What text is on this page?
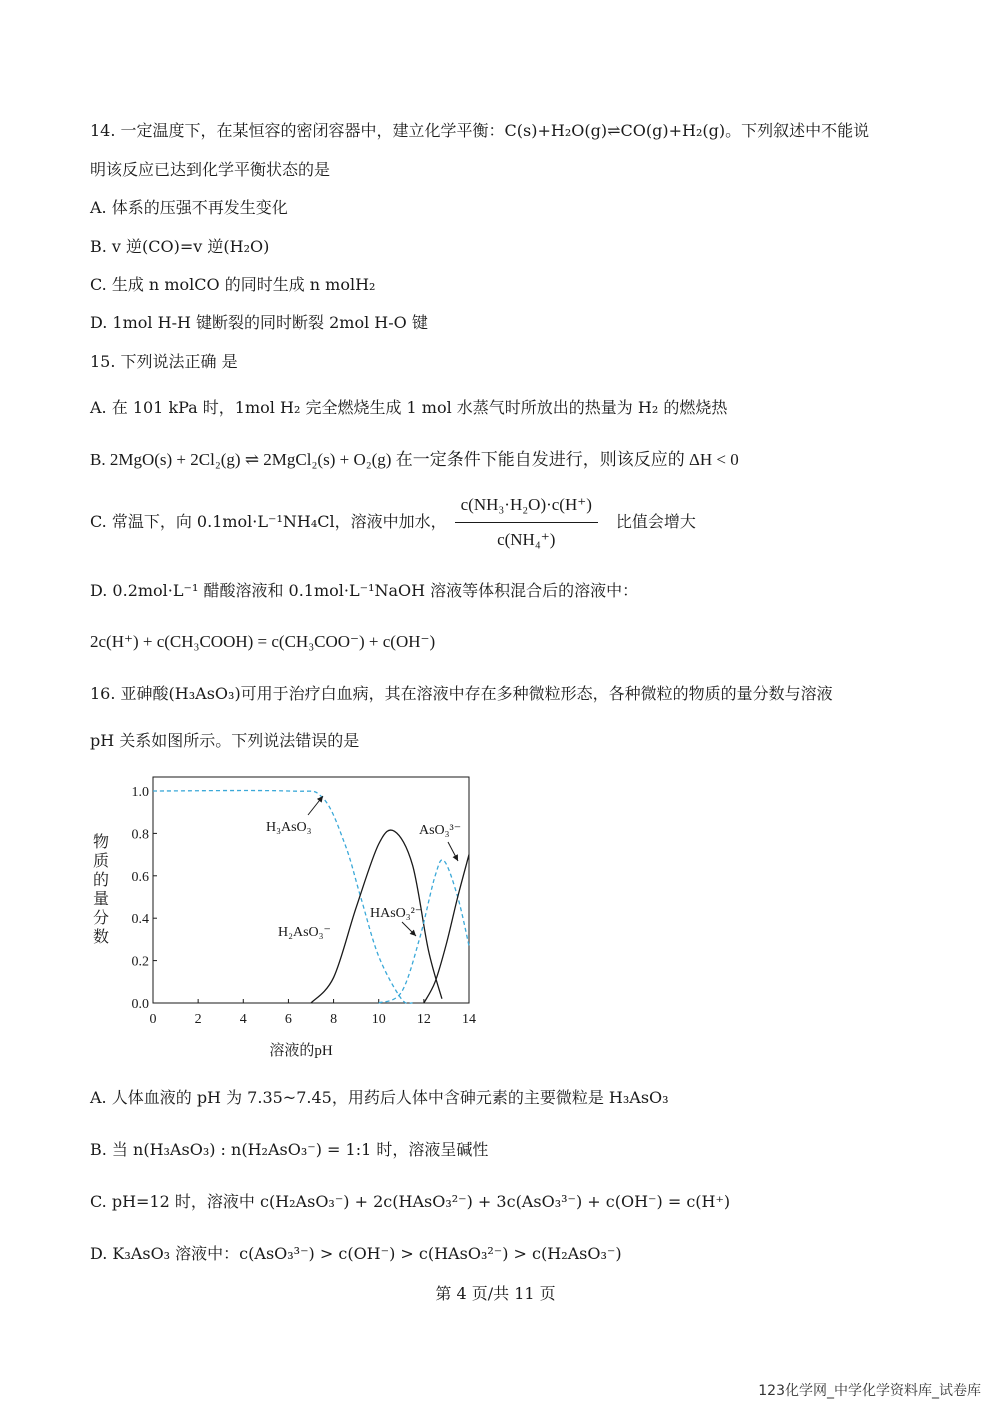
14. 一定温度下，在某恒容的密闭容器中，建立化学平衡：C(s)+H₂O(g)⇌CO(g)+H₂(g)。下列叙述中不能说
明该反应已达到化学平衡状态的是
A. 体系的压强不再发生变化
B. v 逆(CO)=v 逆(H₂O)
C. 生成 n molCO 的同时生成 n molH₂
D. 1mol H-H 键断裂的同时断裂 2mol H-O 键
15. 下列说法正确 是
A. 在 101 kPa 时，1mol H₂ 完全燃烧生成 1 mol 水蒸气时所放出的热量为 H₂ 的燃烧热
B. 2MgO(s) + 2Cl₂(g) ⇌ 2MgCl₂(s) + O₂(g) 在一定条件下能自发进行，则该反应的 ΔH < 0
C. 常温下，向 0.1mol·L⁻¹NH₄Cl，溶液中加水， $\frac{\text{c(NH₃·H₂O)·c(H⁺)}}{\text{c(NH₄⁺)}}$ 比值会增大
D. 0.2mol·L⁻¹ 醋酸溶液和 0.1mol·L⁻¹NaOH 溶液等体积混合后的溶液中：
2c(H⁺) + c(CH₃COOH) = c(CH₃COO⁻) + c(OH⁻)
16. 亚砷酸(H₃AsO₃)可用于治疗白血病，其在溶液中存在多种微粒形态，各种微粒的物质的量分数与溶液
pH 关系如图所示。下列说法错误的是
0	2	4	6	8 10 12 14
0.0
0.2
0.4
0.6
0.8
1.0
溶液的pH
物
质
的
量
分
数
H₃AsO₃	AsO₃³⁻
HAsO₃²⁻
H₂AsO₃⁻
A. 人体血液的 pH 为 7.35~7.45，用药后人体中含砷元素的主要微粒是 H₃AsO₃
B. 当 n(H₃AsO₃) : n(H₂AsO₃⁻) = 1:1 时，溶液呈碱性
C. pH=12 时，溶液中 c(H₂AsO₃⁻) + 2c(HAsO₃²⁻) + 3c(AsO₃³⁻) + c(OH⁻) = c(H⁺)
D. K₃AsO₃ 溶液中：c(AsO₃³⁻) > c(OH⁻) > c(HAsO₃²⁻) > c(H₂AsO₃⁻)
第 4 页/共 11 页
123化学网_中学化学资料库_试卷库
